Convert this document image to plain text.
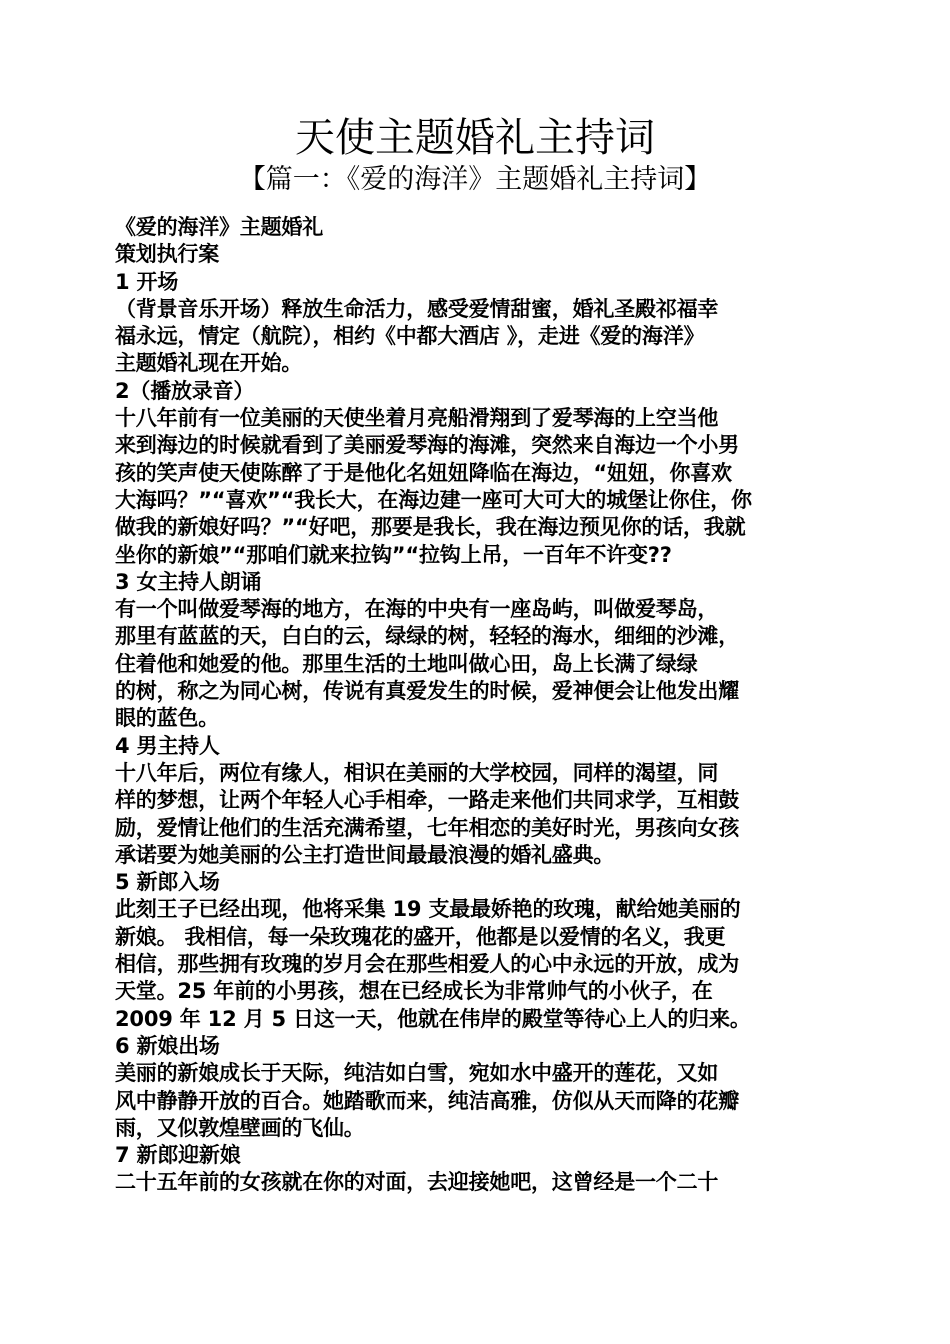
天使主题婚礼主持词
【篇一：《爱的海洋》主题婚礼主持词】

《爱的海洋》主题婚礼

策划执行案

1 开场

（背景音乐开场）释放生命活力，感受爱情甜蜜，婚礼圣殿祁福幸

福永远，情定（航院），相约《中都大酒店 》，走进《爱的海洋》

主题婚礼现在开始。

2（播放录音）

十八年前有一位美丽的天使坐着月亮船滑翔到了爱琴海的上空当他

来到海边的时候就看到了美丽爱琴海的海滩，突然来自海边一个小男

孩的笑声使天使陈醉了于是他化名妞妞降临在海边，“妞妞，你喜欢

大海吗？”“喜欢”“我长大，在海边建一座可大可大的城堡让你住，你

做我的新娘好吗？”“好吧，那要是我长，我在海边预见你的话，我就

坐你的新娘”“那咱们就来拉钩”“拉钩上吊，一百年不许变??

3 女主持人朗诵

有一个叫做爱琴海的地方，在海的中央有一座岛屿，叫做爱琴岛，

那里有蓝蓝的天，白白的云，绿绿的树，轻轻的海水，细细的沙滩，

住着他和她爱的他。那里生活的土地叫做心田，岛上长满了绿绿

的树，称之为同心树，传说有真爱发生的时候，爱神便会让他发出耀

眼的蓝色。

4 男主持人

十八年后，两位有缘人，相识在美丽的大学校园，同样的渴望，同

样的梦想，让两个年轻人心手相牵，一路走来他们共同求学，互相鼓

励，爱情让他们的生活充满希望，七年相恋的美好时光，男孩向女孩

承诺要为她美丽的公主打造世间最最浪漫的婚礼盛典。

5 新郎入场

此刻王子已经出现，他将采集 19 支最最娇艳的玫瑰，献给她美丽的

新娘。 我相信，每一朵玫瑰花的盛开，他都是以爱情的名义，我更

相信，那些拥有玫瑰的岁月会在那些相爱人的心中永远的开放，成为

天堂。25 年前的小男孩，想在已经成长为非常帅气的小伙子，在

2009 年 12 月 5 日这一天，他就在伟岸的殿堂等待心上人的归来。

6 新娘出场

美丽的新娘成长于天际，纯洁如白雪，宛如水中盛开的莲花，又如

风中静静开放的百合。她踏歌而来，纯洁高雅，仿似从天而降的花瓣

雨，又似敦煌壁画的飞仙。

7 新郎迎新娘

二十五年前的女孩就在你的对面，去迎接她吧，这曾经是一个二十
